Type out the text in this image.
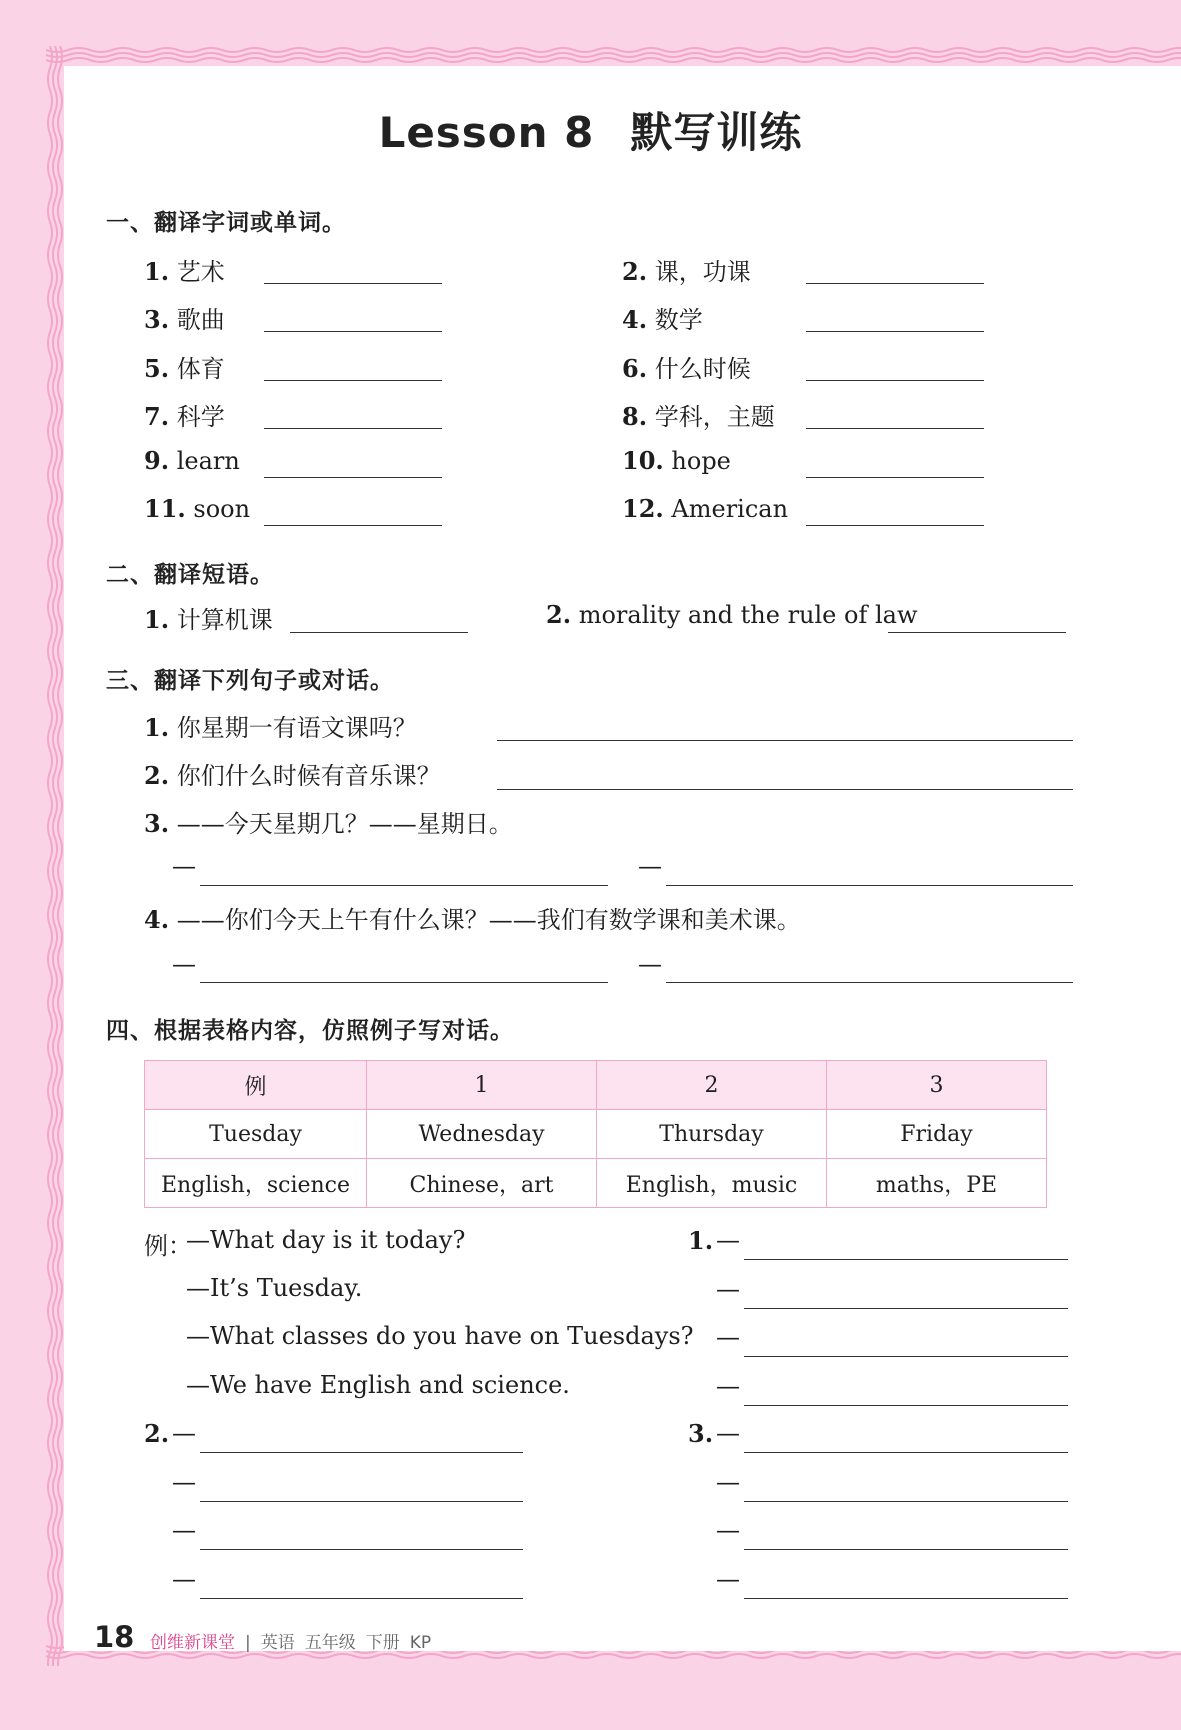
Lesson 8 默写训练
一、翻译字词或单词。
1. 艺术	2. 课，功课
3. 歌曲	4. 数学
5. 体育	6. 什么时候
7. 科学	8. 学科，主题
9. learn	10. hope
11. soon	12. American
二、翻译短语。
1. 计算机课	2. morality and the rule of law
三、翻译下列句子或对话。
1. 你星期一有语文课吗？
2. 你们什么时候有音乐课？
3. ——今天星期几？——星期日。
—	—
4. ——你们今天上午有什么课？——我们有数学课和美术课。
—	—
四、根据表格内容，仿照例子写对话。
例	1	2	3
Tuesday	Wednesday	Thursday	Friday
English，science	Chinese，art	English，music	maths，PE
例：
—What day is it today?
—It’s Tuesday.
—What classes do you have on Tuesdays?
—We have English and science.
1. —
—
—
—
2. —
—
—
—
3. —
—
—
—
18 创维新课堂 | 英语 五年级 下册 KP
